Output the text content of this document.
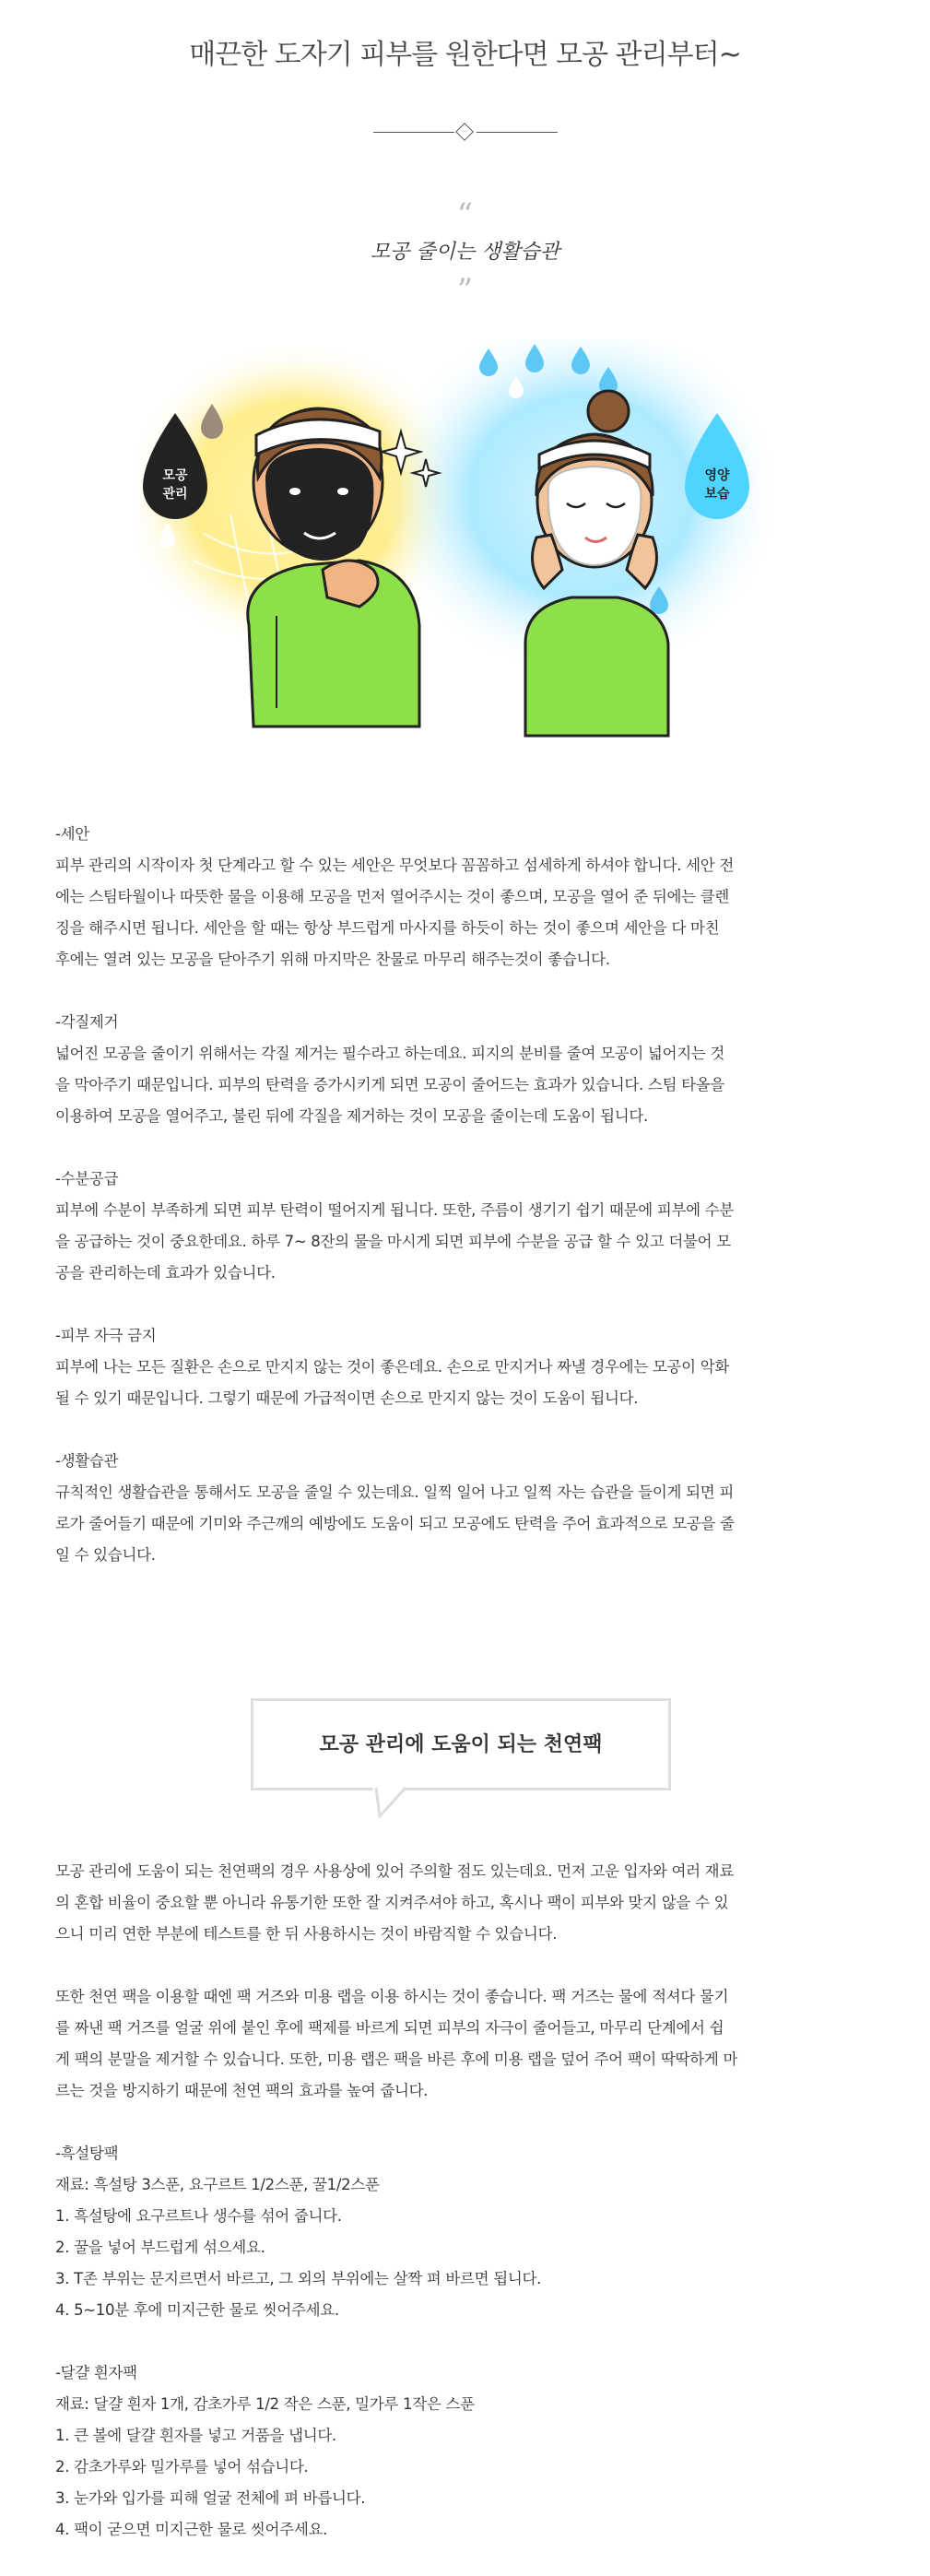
매끈한 도자기 피부를 원한다면 모공 관리부터~
“
모공 줄이는 생활습관
”
모공
관리
영양
보습

-세안

피부 관리의 시작이자 첫 단계라고 할 수 있는 세안은 무엇보다 꼼꼼하고 섬세하게 하셔야 합니다. 세안 전

에는 스팀타월이나 따뜻한 물을 이용해 모공을 먼저 열어주시는 것이 좋으며, 모공을 열어 준 뒤에는 클렌

징을 해주시면 됩니다. 세안을 할 때는 항상 부드럽게 마사지를 하듯이 하는 것이 좋으며 세안을 다 마친

후에는 열려 있는 모공을 닫아주기 위해 마지막은 찬물로 마무리 해주는것이 좋습니다.

-각질제거

넓어진 모공을 줄이기 위해서는 각질 제거는 필수라고 하는데요. 피지의 분비를 줄여 모공이 넓어지는 것

을 막아주기 때문입니다. 피부의 탄력을 증가시키게 되면 모공이 줄어드는 효과가 있습니다. 스팀 타올을

이용하여 모공을 열어주고, 불린 뒤에 각질을 제거하는 것이 모공을 줄이는데 도움이 됩니다.

-수분공급

피부에 수분이 부족하게 되면 피부 탄력이 떨어지게 됩니다. 또한, 주름이 생기기 쉽기 때문에 피부에 수분

을 공급하는 것이 중요한데요. 하루 7~ 8잔의 물을 마시게 되면 피부에 수분을 공급 할 수 있고 더불어 모

공을 관리하는데 효과가 있습니다.

-피부 자극 금지

피부에 나는 모든 질환은 손으로 만지지 않는 것이 좋은데요. 손으로 만지거나 짜낼 경우에는 모공이 악화

될 수 있기 때문입니다. 그렇기 때문에 가급적이면 손으로 만지지 않는 것이 도움이 됩니다.

-생활습관

규칙적인 생활습관을 통해서도 모공을 줄일 수 있는데요. 일찍 일어 나고 일찍 자는 습관을 들이게 되면 피

로가 줄어들기 때문에 기미와 주근깨의 예방에도 도움이 되고 모공에도 탄력을 주어 효과적으로 모공을 줄

일 수 있습니다.

모공 관리에 도움이 되는 천연팩

모공 관리에 도움이 되는 천연팩의 경우 사용상에 있어 주의할 점도 있는데요. 먼저 고운 입자와 여러 재료

의 혼합 비율이 중요할 뿐 아니라 유통기한 또한 잘 지켜주셔야 하고, 혹시나 팩이 피부와 맞지 않을 수 있

으니 미리 연한 부분에 테스트를 한 뒤 사용하시는 것이 바람직할 수 있습니다.

또한 천연 팩을 이용할 때엔 팩 거즈와 미용 랩을 이용 하시는 것이 좋습니다. 팩 거즈는 물에 적셔다 물기

를 짜낸 팩 거즈를 얼굴 위에 붙인 후에 팩제를 바르게 되면 피부의 자극이 줄어들고, 마무리 단계에서 쉽

게 팩의 분말을 제거할 수 있습니다. 또한, 미용 랩은 팩을 바른 후에 미용 랩을 덮어 주어 팩이 딱딱하게 마

르는 것을 방지하기 때문에 천연 팩의 효과를 높여 줍니다.

-흑설탕팩

재료: 흑설탕 3스푼, 요구르트 1/2스푼, 꿀1/2스푼

1. 흑설탕에 요구르트나 생수를 섞어 줍니다.

2. 꿀을 넣어 부드럽게 섞으세요.

3. T존 부위는 문지르면서 바르고, 그 외의 부위에는 살짝 펴 바르면 됩니다.

4. 5~10분 후에 미지근한 물로 씻어주세요.

-달걀 흰자팩

재료: 달걀 흰자 1개, 감초가루 1/2 작은 스푼, 밀가루 1작은 스푼

1. 큰 볼에 달걀 흰자를 넣고 거품을 냅니다.

2. 감초가루와 밀가루를 넣어 섞습니다.

3. 눈가와 입가를 피해 얼굴 전체에 펴 바릅니다.

4. 팩이 굳으면 미지근한 물로 씻어주세요.
